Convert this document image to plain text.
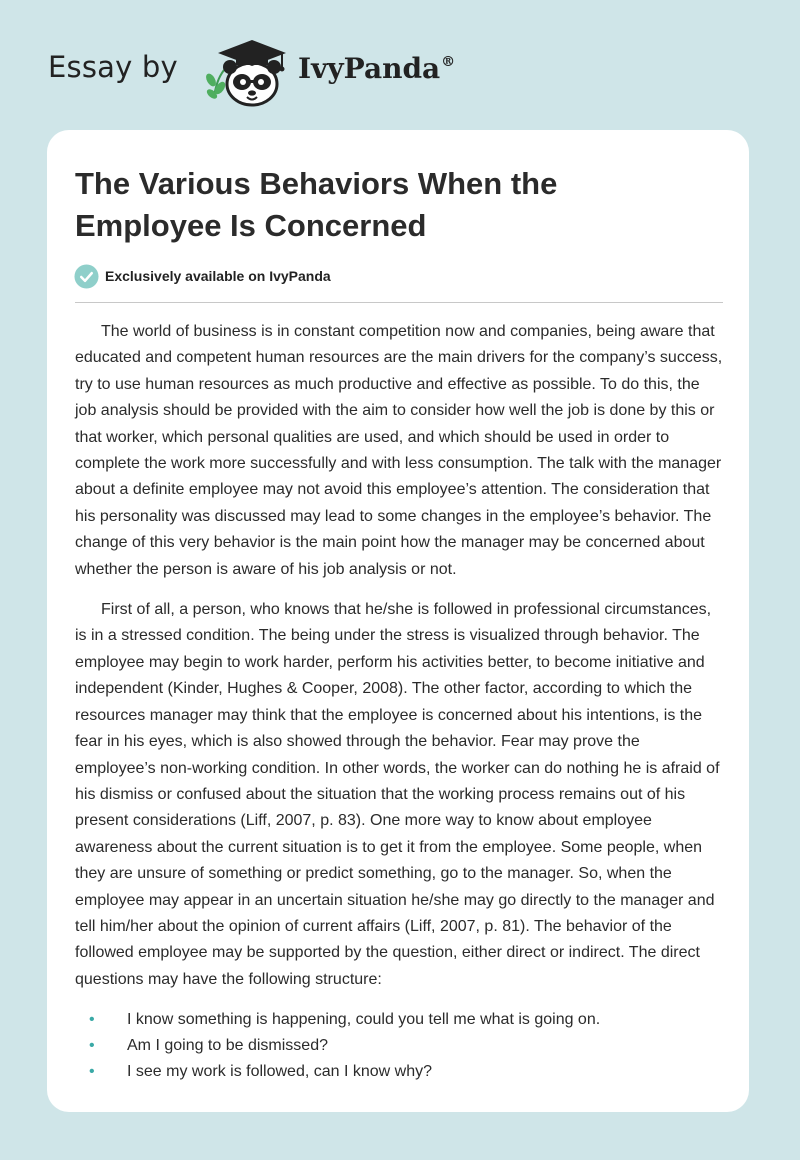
Essay by	IvyPanda®
The Various Behaviors When the Employee Is Concerned
Exclusively available on IvyPanda

The world of business is in constant competition now and companies, being aware that educated and competent human resources are the main drivers for the company’s success, try to use human resources as much productive and effective as possible. To do this, the job analysis should be provided with the aim to consider how well the job is done by this or that worker, which personal qualities are used, and which should be used in order to complete the work more successfully and with less consumption. The talk with the manager about a definite employee may not avoid this employee’s attention. The consideration that his personality was discussed may lead to some changes in the employee’s behavior. The change of this very behavior is the main point how the manager may be concerned about whether the person is aware of his job analysis or not.

First of all, a person, who knows that he/she is followed in professional circumstances, is in a stressed condition. The being under the stress is visualized through behavior. The employee may begin to work harder, perform his activities better, to become initiative and independent (Kinder, Hughes & Cooper, 2008). The other factor, according to which the resources manager may think that the employee is concerned about his intentions, is the fear in his eyes, which is also showed through the behavior. Fear may prove the employee’s non-working condition. In other words, the worker can do nothing he is afraid of his dismiss or confused about the situation that the working process remains out of his present considerations (Liff, 2007, p. 83). One more way to know about employee awareness about the current situation is to get it from the employee. Some people, when they are unsure of something or predict something, go to the manager. So, when the employee may appear in an uncertain situation he/she may go directly to the manager and tell him/her about the opinion of current affairs (Liff, 2007, p. 81). The behavior of the followed employee may be supported by the question, either direct or indirect. The direct questions may have the following structure:

• I know something is happening, could you tell me what is going on.
• Am I going to be dismissed?
• I see my work is followed, can I know why?
